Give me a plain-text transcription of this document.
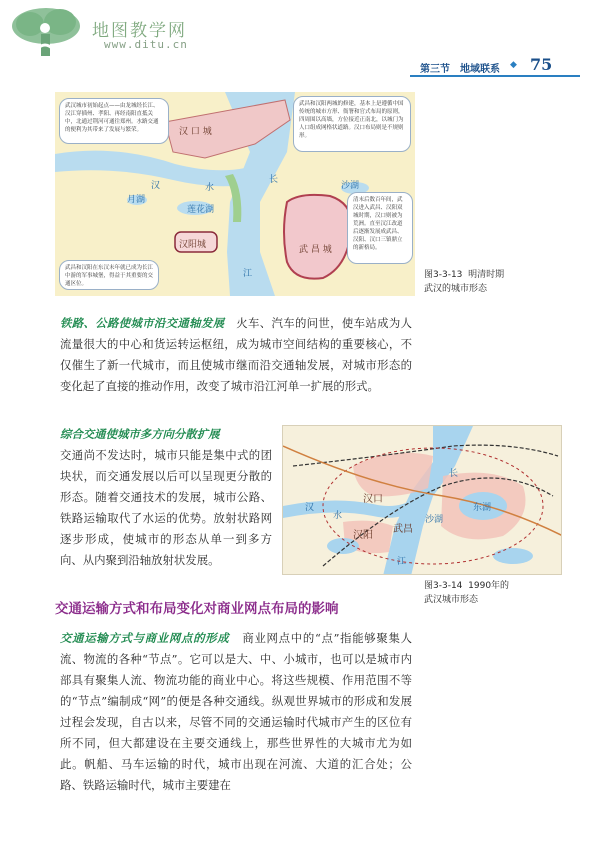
地图教学网
www.ditu.cn
第三节 地域联系 ◆ 75
汉 口 城
汉阳城	武 昌 城
长
江
汉	水
月湖
沙湖
莲花湖
武汉城市初始起点——由龙城经长江、汉江穿插州、孝阳、再经南阳直抵关中，北通过荆河可通往郑州。水路交通的便利为其带来了发展与繁荣。
武昌和汉阳两城的修建，基本上是遵循中国传统的城市方形、衙署和官式布局的原则，四周围以高墙，方位接近正南北，以城门为人口组成网格状道路。汉口布局则是不规则形。
清末后数百年间，武汉进入武昌、汉阳双城时期，汉口则被为荒洲。直至汉江改道后逐渐发展成武昌、汉阳、汉口三镇鼎立的新格局。
武昌和汉阳在东汉末年就已成为长江中游的军事城堡，得益于其重要的交通区位。
图3-3-13 明清时期
武汉的城市形态
铁路、公路使城市沿交通轴发展 火车、汽车的问世，使车站成为人流量很大的中心和货运转运枢纽，成为城市空间结构的重要核心，不仅催生了新一代城市，而且使城市继而沿交通轴发展，对城市形态的变化起了直接的推动作用，改变了城市沿江河单一扩展的形式。
综合交通使城市多方向分散扩展
交通尚不发达时，城市只能是集中式的团块状，而交通发展以后可以呈现更分散的形态。随着交通技术的发展，城市公路、铁路运输取代了水运的优势。放射状路网逐步形成，使城市的形态从单一到多方向、从内聚到沿轴放射状发展。
汉口
汉阳
武昌
长
江
汉
水
东湖
沙湖
图3-3-14 1990年的
武汉城市形态
交通运输方式和布局变化对商业网点布局的影响
交通运输方式与商业网点的形成 商业网点中的“点”指能够聚集人流、物流的各种“节点”。它可以是大、中、小城市，也可以是城市内部具有聚集人流、物流功能的商业中心。将这些规模、作用范围不等的“节点”编制成“网”的便是各种交通线。纵观世界城市的形成和发展过程会发现，自古以来，尽管不同的交通运输时代城市产生的区位有所不同，但大都建设在主要交通线上，那些世界性的大城市尤为如此。帆船、马车运输的时代，城市出现在河流、大道的汇合处；公路、铁路运输时代，城市主要建在
